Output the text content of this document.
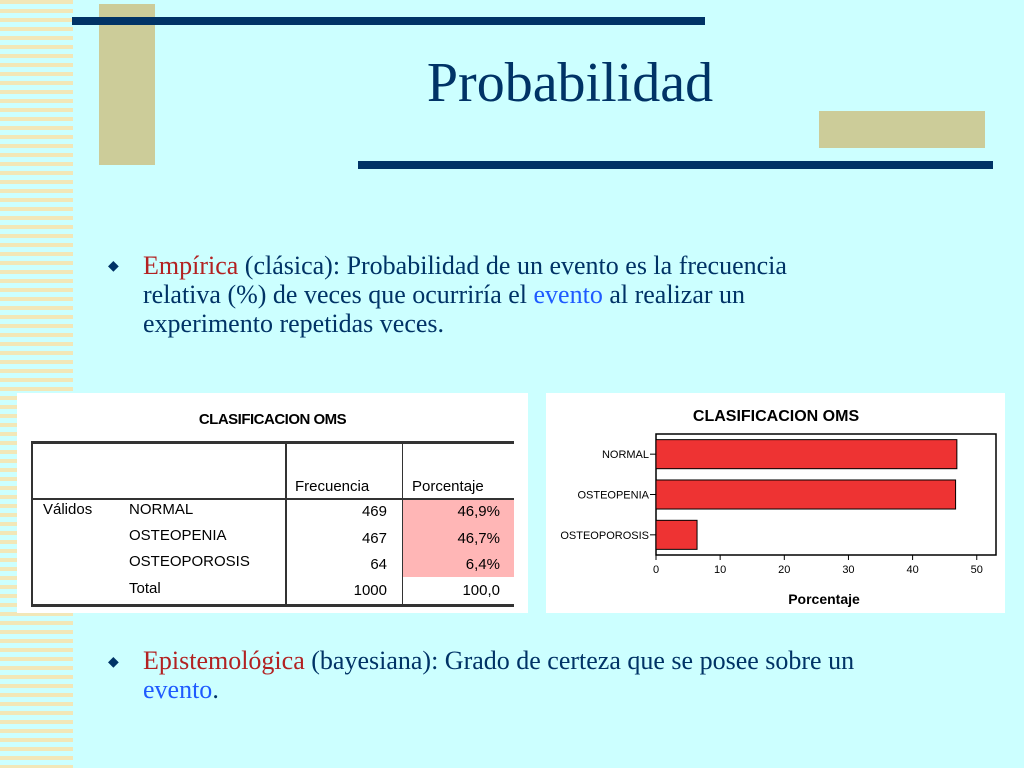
Probabilidad
◆ Empírica (clásica): Probabilidad de un evento es la frecuencia
relativa (%) de veces que ocurriría el evento al realizar un
experimento repetidas veces.
CLASIFICACION OMS
Frecuencia	Porcentaje
Válidos NORMAL	469	46,9%
OSTEOPENIA	467	46,7%
OSTEOPOROSIS	64	6,4%
Total	1000	100,0
CLASIFICACION OMS
Porcentaje
NORMAL
OSTEOPENIA
OSTEOPOROSIS
0	10	20	30	40	50
◆ Epistemológica (bayesiana): Grado de certeza que se posee sobre un
evento.
